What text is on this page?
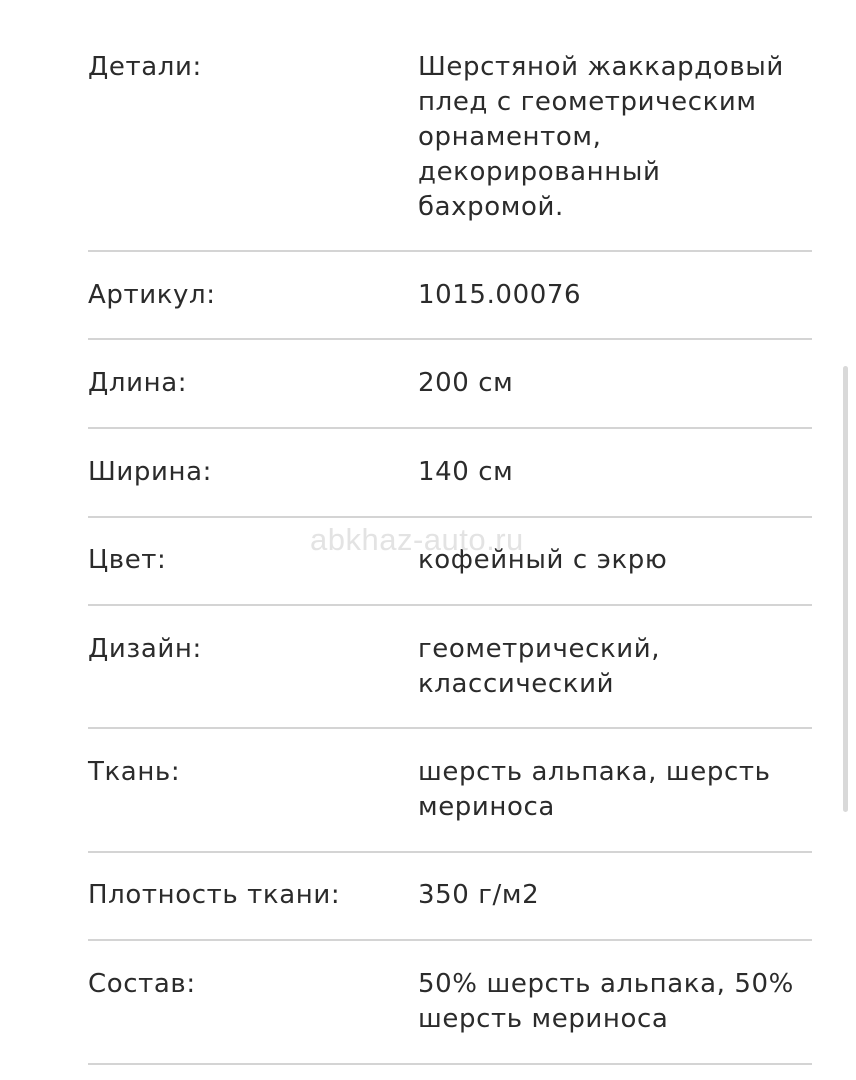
Детали:	Шерстяной жаккардовый плед с геометрическим орнаментом, декорированный бахромой.
Артикул:	1015.00076
Длина:	200 см
Ширина:	140 см
Цвет:	кофейный с экрю
Дизайн:	геометрический, классический
Ткань:	шерсть альпака, шерсть мериноса
Плотность ткани:	350 г/м2
Состав:	50% шерсть альпака, 50% шерсть мериноса
abkhaz-auto.ru
